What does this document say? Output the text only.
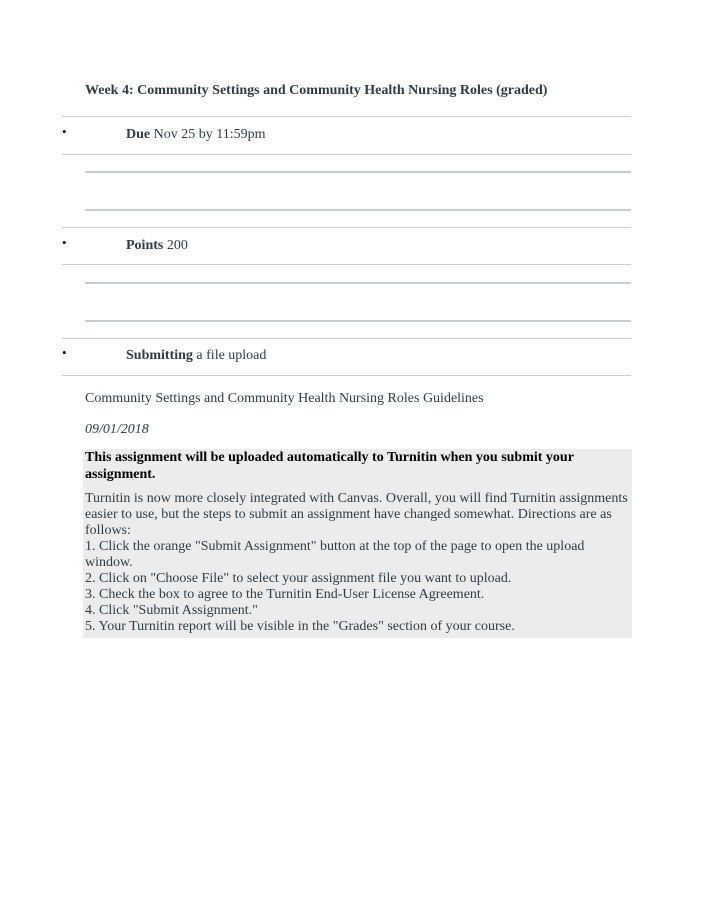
Week 4: Community Settings and Community Health Nursing Roles (graded)
•	Due Nov 25 by 11:59pm
•	Points 200
•	Submitting a file upload
Community Settings and Community Health Nursing Roles Guidelines
09/01/2018
This assignment will be uploaded automatically to Turnitin when you submit your assignment.
Turnitin is now more closely integrated with Canvas. Overall, you will find Turnitin assignments easier to use, but the steps to submit an assignment have changed somewhat. Directions are as follows:
1. Click the orange "Submit Assignment" button at the top of the page to open the upload window.
2. Click on "Choose File" to select your assignment file you want to upload.
3. Check the box to agree to the Turnitin End-User License Agreement.
4. Click "Submit Assignment."
5. Your Turnitin report will be visible in the "Grades" section of your course.
